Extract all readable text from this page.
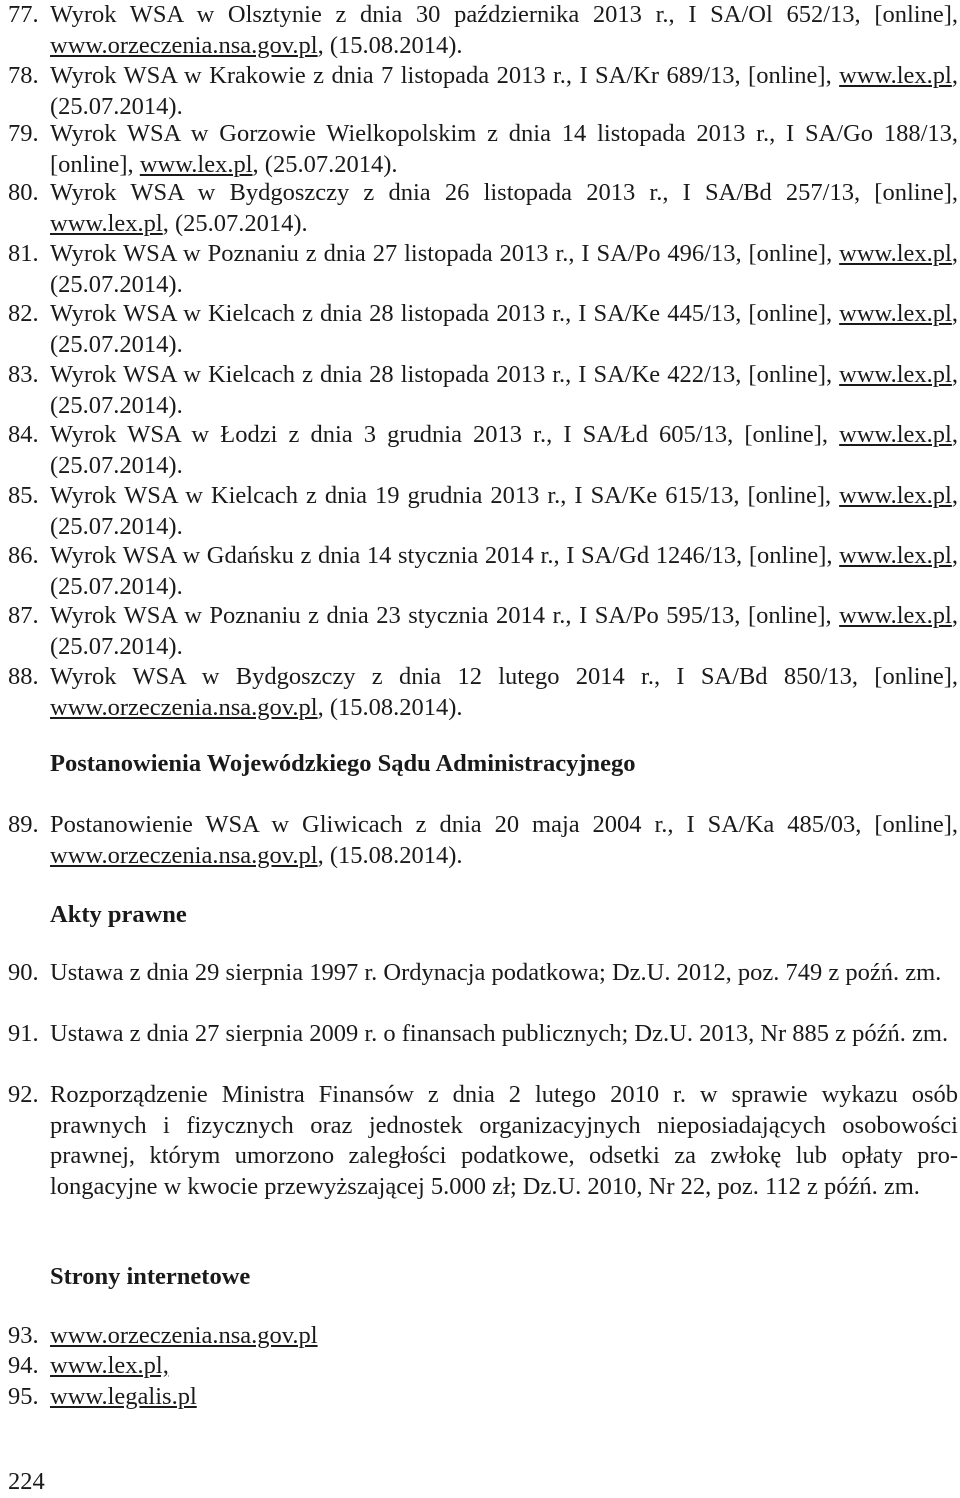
77. Wyrok WSA w Olsztynie z dnia 30 października 2013 r., I SA/Ol 652/13, [online], www.orzeczenia.nsa.gov.pl, (15.08.2014).
78. Wyrok WSA w Krakowie z dnia 7 listopada 2013 r., I SA/Kr 689/13, [online], www.lex.pl, (25.07.2014).
79. Wyrok WSA w Gorzowie Wielkopolskim z dnia 14 listopada 2013 r., I SA/Go 188/13, [online], www.lex.pl, (25.07.2014).
80. Wyrok WSA w Bydgoszczy z dnia 26 listopada 2013 r., I SA/Bd 257/13, [online], www.lex.pl, (25.07.2014).
81. Wyrok WSA w Poznaniu z dnia 27 listopada 2013 r., I SA/Po 496/13, [online], www.lex.pl, (25.07.2014).
82. Wyrok WSA w Kielcach z dnia 28 listopada 2013 r., I SA/Ke 445/13, [online], www.lex.pl, (25.07.2014).
83. Wyrok WSA w Kielcach z dnia 28 listopada 2013 r., I SA/Ke 422/13, [online], www.lex.pl, (25.07.2014).
84. Wyrok WSA w Łodzi z dnia 3 grudnia 2013 r., I SA/Łd 605/13, [online], www.lex.pl, (25.07.2014).
85. Wyrok WSA w Kielcach z dnia 19 grudnia 2013 r., I SA/Ke 615/13, [online], www.lex.pl, (25.07.2014).
86. Wyrok WSA w Gdańsku z dnia 14 stycznia 2014 r., I SA/Gd 1246/13, [online], www.lex.pl, (25.07.2014).
87. Wyrok WSA w Poznaniu z dnia 23 stycznia 2014 r., I SA/Po 595/13, [online], www.lex.pl, (25.07.2014).
88. Wyrok WSA w Bydgoszczy z dnia 12 lutego 2014 r., I SA/Bd 850/13, [online], www.orzeczenia.nsa.gov.pl, (15.08.2014).
Postanowienia Wojewódzkiego Sądu Administracyjnego
89. Postanowienie WSA w Gliwicach z dnia 20 maja 2004 r., I SA/Ka 485/03, [online], www.orzeczenia.nsa.gov.pl, (15.08.2014).
Akty prawne
90. Ustawa z dnia 29 sierpnia 1997 r. Ordynacja podatkowa; Dz.U. 2012, poz. 749 z poźń. zm.
91. Ustawa z dnia 27 sierpnia 2009 r. o finansach publicznych; Dz.U. 2013, Nr 885 z późń. zm.
92. Rozporządzenie Ministra Finansów z dnia 2 lutego 2010 r. w sprawie wykazu osób prawnych i fizycznych oraz jednostek organizacyjnych nieposiadających osobowości prawnej, którym umorzono zaległości podatkowe, odsetki za zwłokę lub opłaty prolongacyjne w kwocie przewyższającej 5.000 zł; Dz.U. 2010, Nr 22, poz. 112 z późń. zm.
Strony internetowe
93. www.orzeczenia.nsa.gov.pl
94. www.lex.pl,
95. www.legalis.pl
224
